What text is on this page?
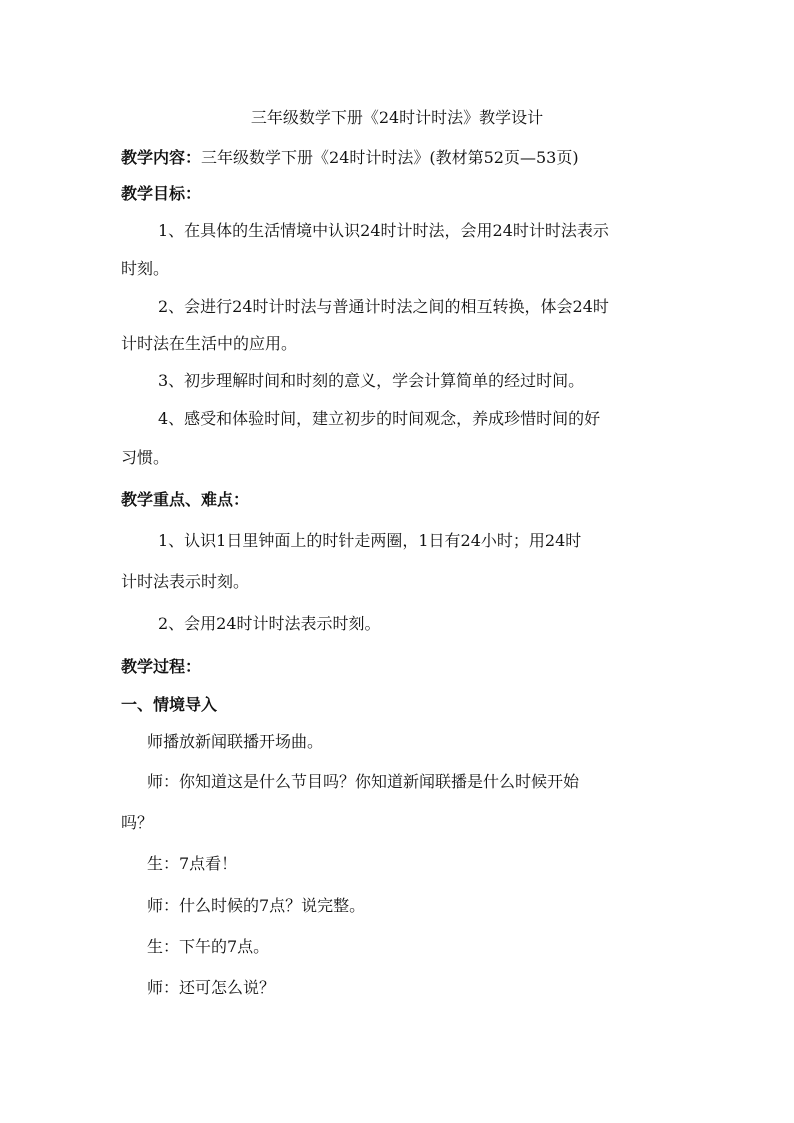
三年级数学下册《24时计时法》教学设计

教学内容：三年级数学下册《24时计时法》(教材第52页—53页)

教学目标：

1、在具体的生活情境中认识24时计时法，会用24时计时法表示

时刻。

2、会进行24时计时法与普通计时法之间的相互转换，体会24时

计时法在生活中的应用。

3、初步理解时间和时刻的意义，学会计算简单的经过时间。

4、感受和体验时间，建立初步的时间观念，养成珍惜时间的好

习惯。

教学重点、难点：

1、认识1日里钟面上的时针走两圈，1日有24小时；用24时

计时法表示时刻。

2、会用24时计时法表示时刻。

教学过程：

一、情境导入

师播放新闻联播开场曲。

师：你知道这是什么节目吗？你知道新闻联播是什么时候开始

吗？

生：7点看！

师：什么时候的7点？说完整。

生：下午的7点。

师：还可怎么说？
